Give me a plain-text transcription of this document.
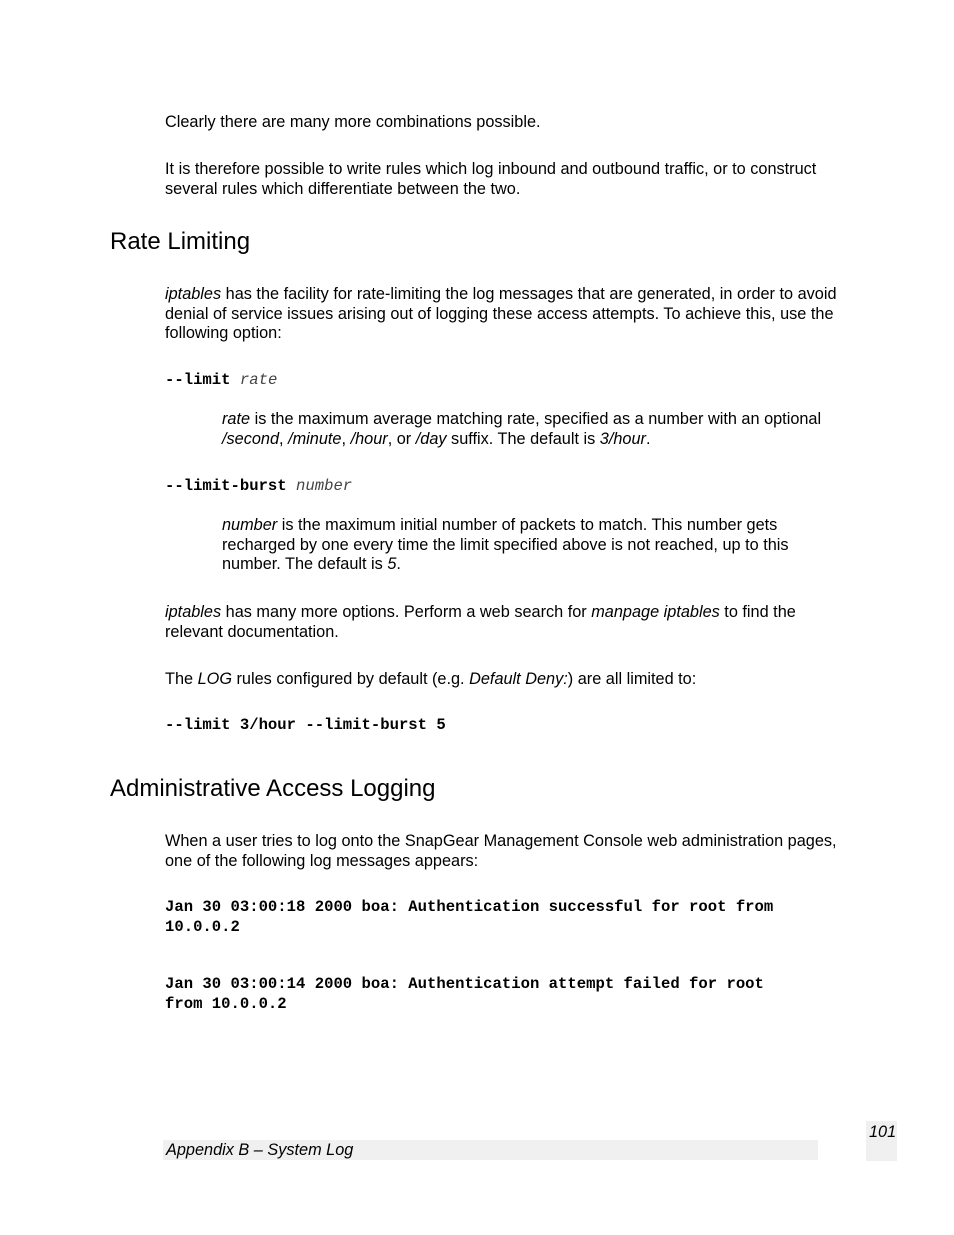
Clearly there are many more combinations possible.
It is therefore possible to write rules which log inbound and outbound traffic, or to construct several rules which differentiate between the two.
Rate Limiting
iptables has the facility for rate-limiting the log messages that are generated, in order to avoid denial of service issues arising out of logging these access attempts. To achieve this, use the following option:
--limit rate
rate is the maximum average matching rate, specified as a number with an optional /second, /minute, /hour, or /day suffix. The default is 3/hour.
--limit-burst number
number is the maximum initial number of packets to match. This number gets recharged by one every time the limit specified above is not reached, up to this number. The default is 5.
iptables has many more options. Perform a web search for manpage iptables to find the relevant documentation.
The LOG rules configured by default (e.g. Default Deny:) are all limited to:
--limit 3/hour --limit-burst 5
Administrative Access Logging
When a user tries to log onto the SnapGear Management Console web administration pages, one of the following log messages appears:
Jan 30 03:00:18 2000 boa: Authentication successful for root from
10.0.0.2
Jan 30 03:00:14 2000 boa: Authentication attempt failed for root
from 10.0.0.2
Appendix B – System Log
101
